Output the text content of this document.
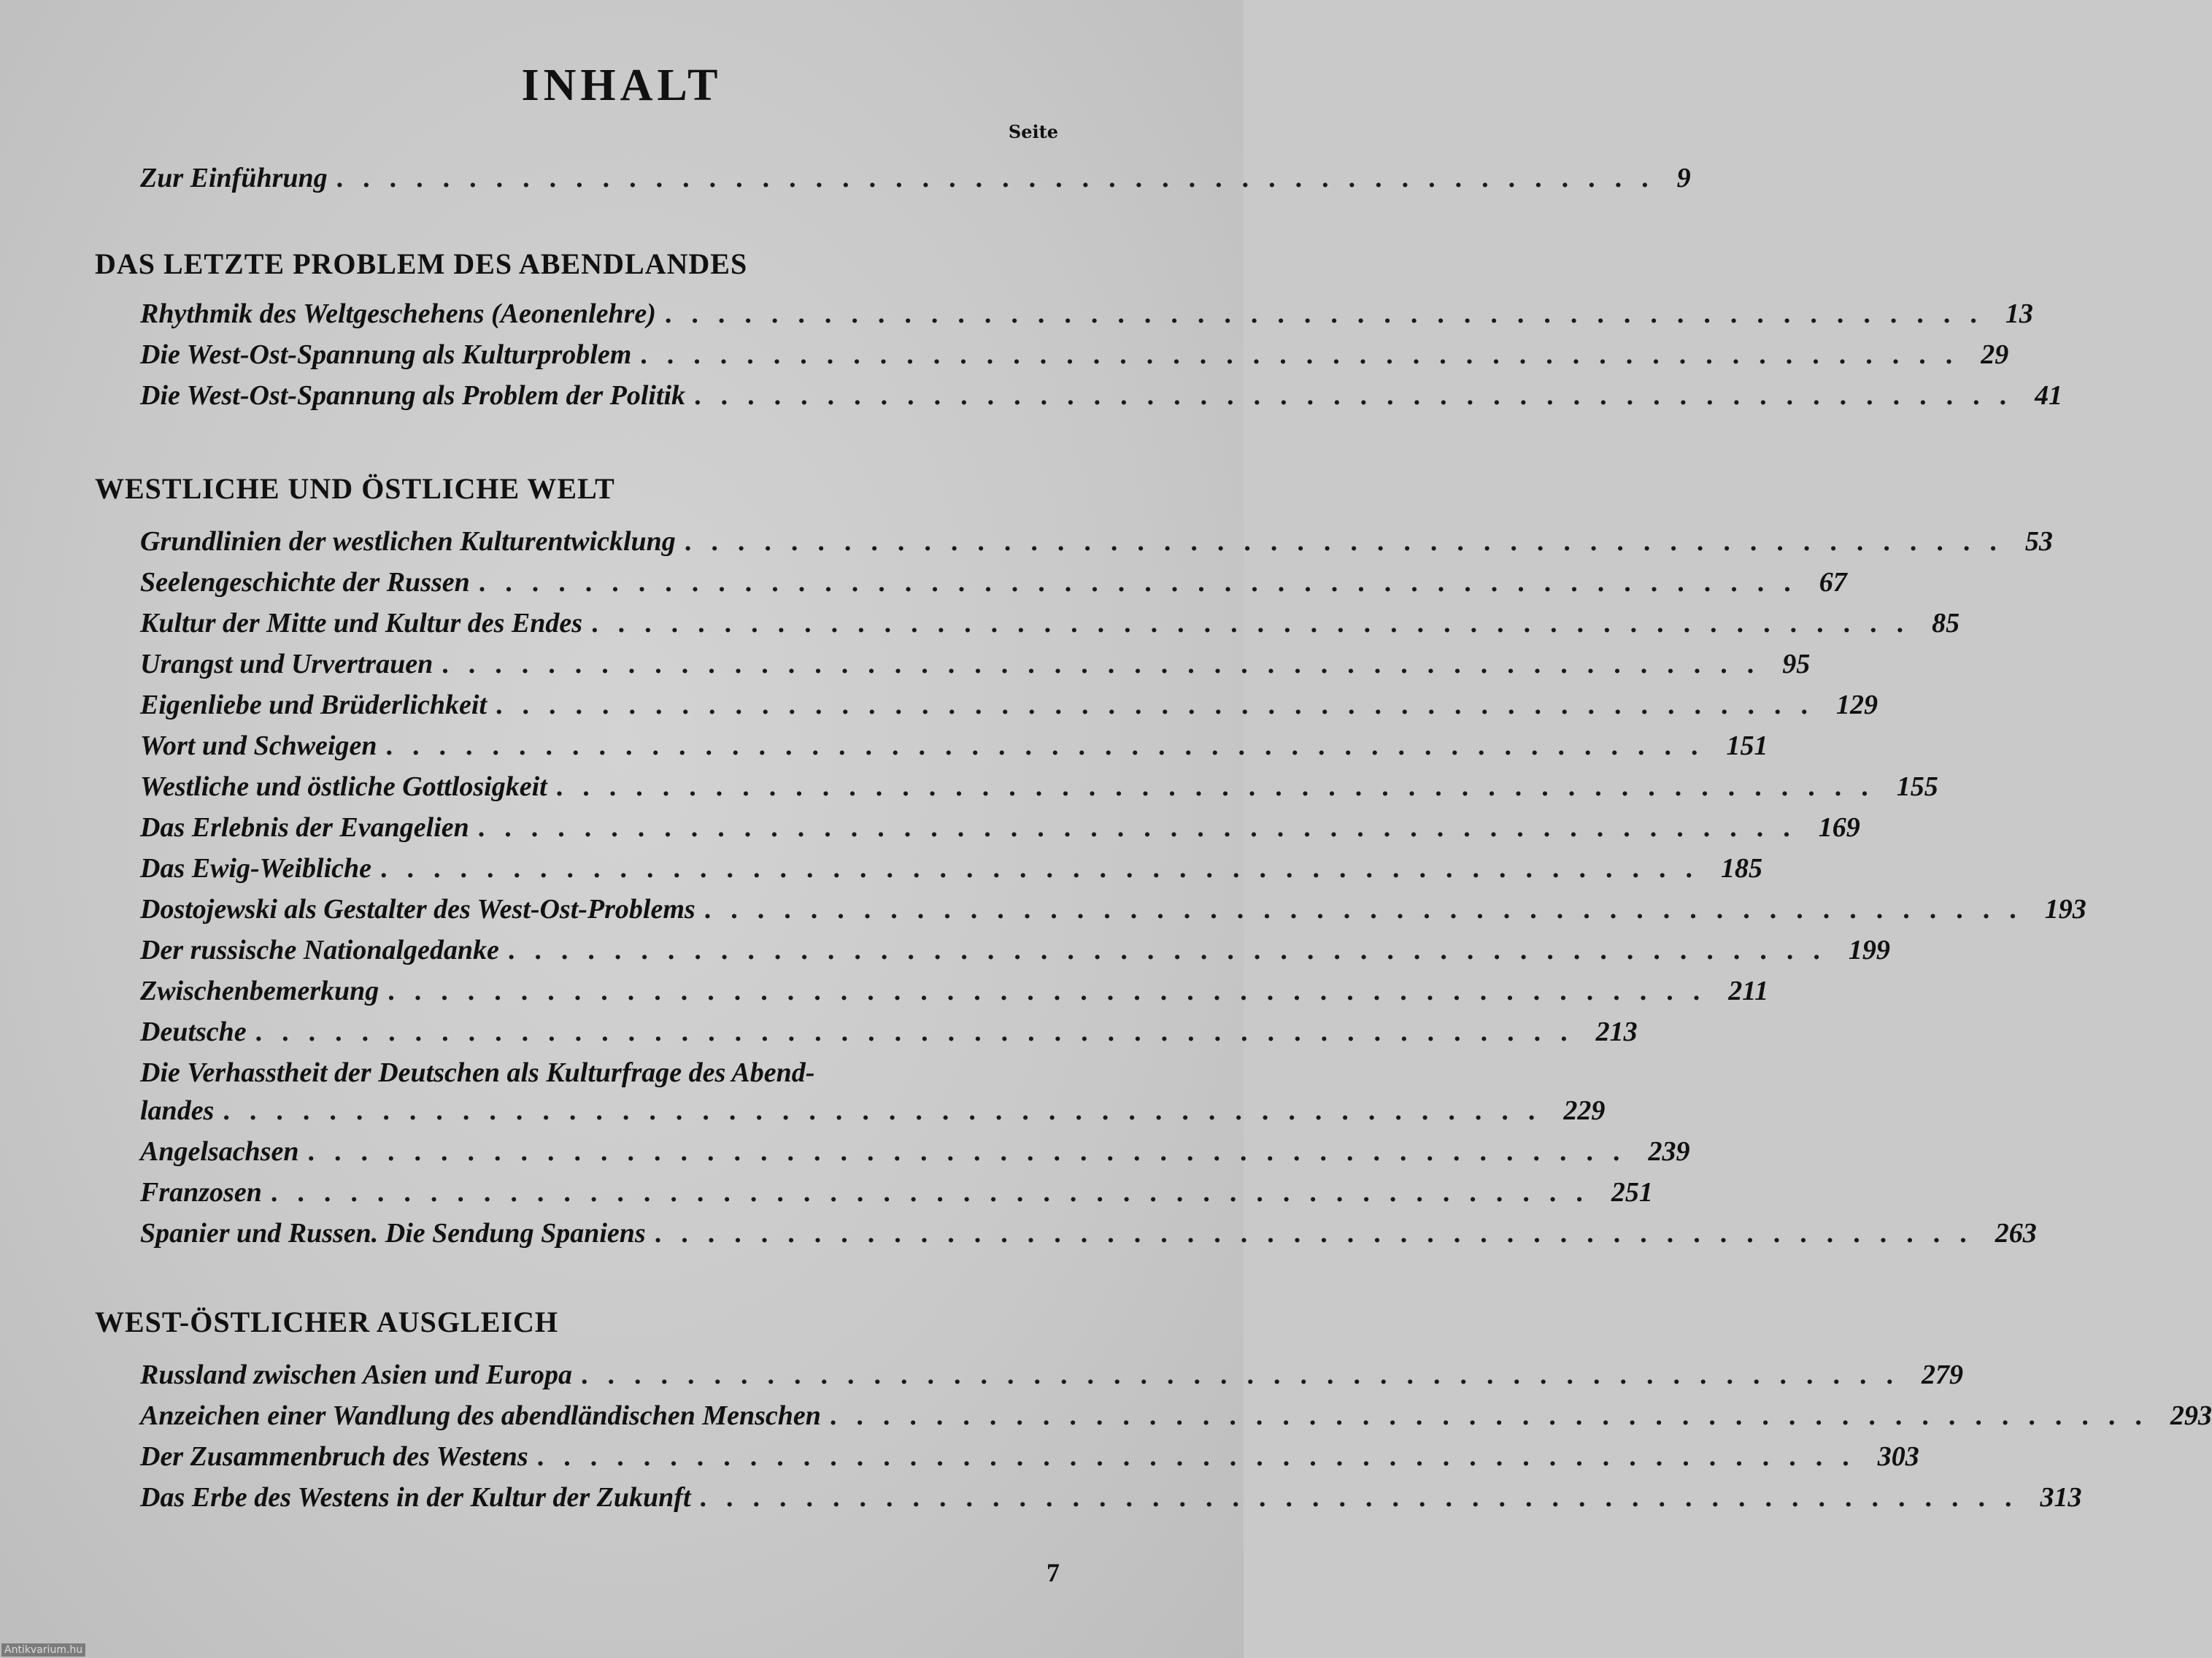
INHALT
Seite
Zur Einführung .................................................. 9
DAS LETZTE PROBLEM DES ABENDLANDES
Rhythmik des Weltgeschehens (Aeonenlehre) .................................................. 13
Die West-Ost-Spannung als Kulturproblem .................................................. 29
Die West-Ost-Spannung als Problem der Politik .................................................. 41
WESTLICHE UND ÖSTLICHE WELT
Grundlinien der westlichen Kulturentwicklung .................................................. 53
Seelengeschichte der Russen .................................................. 67
Kultur der Mitte und Kultur des Endes .................................................. 85
Urangst und Urvertrauen .................................................. 95
Eigenliebe und Brüderlichkeit .................................................. 129
Wort und Schweigen .................................................. 151
Westliche und östliche Gottlosigkeit .................................................. 155
Das Erlebnis der Evangelien .................................................. 169
Das Ewig-Weibliche .................................................. 185
Dostojewski als Gestalter des West-Ost-Problems .................................................. 193
Der russische Nationalgedanke .................................................. 199
Zwischenbemerkung .................................................. 211
Deutsche .................................................. 213
Die Verhasstheit der Deutschen als Kulturfrage des Abend-
landes .................................................. 229
Angelsachsen .................................................. 239
Franzosen .................................................. 251
Spanier und Russen. Die Sendung Spaniens .................................................. 263
WEST-ÖSTLICHER AUSGLEICH
Russland zwischen Asien und Europa .................................................. 279
Anzeichen einer Wandlung des abendländischen Menschen .................................................. 293
Der Zusammenbruch des Westens .................................................. 303
Das Erbe des Westens in der Kultur der Zukunft .................................................. 313
7
Antikvarium.hu
